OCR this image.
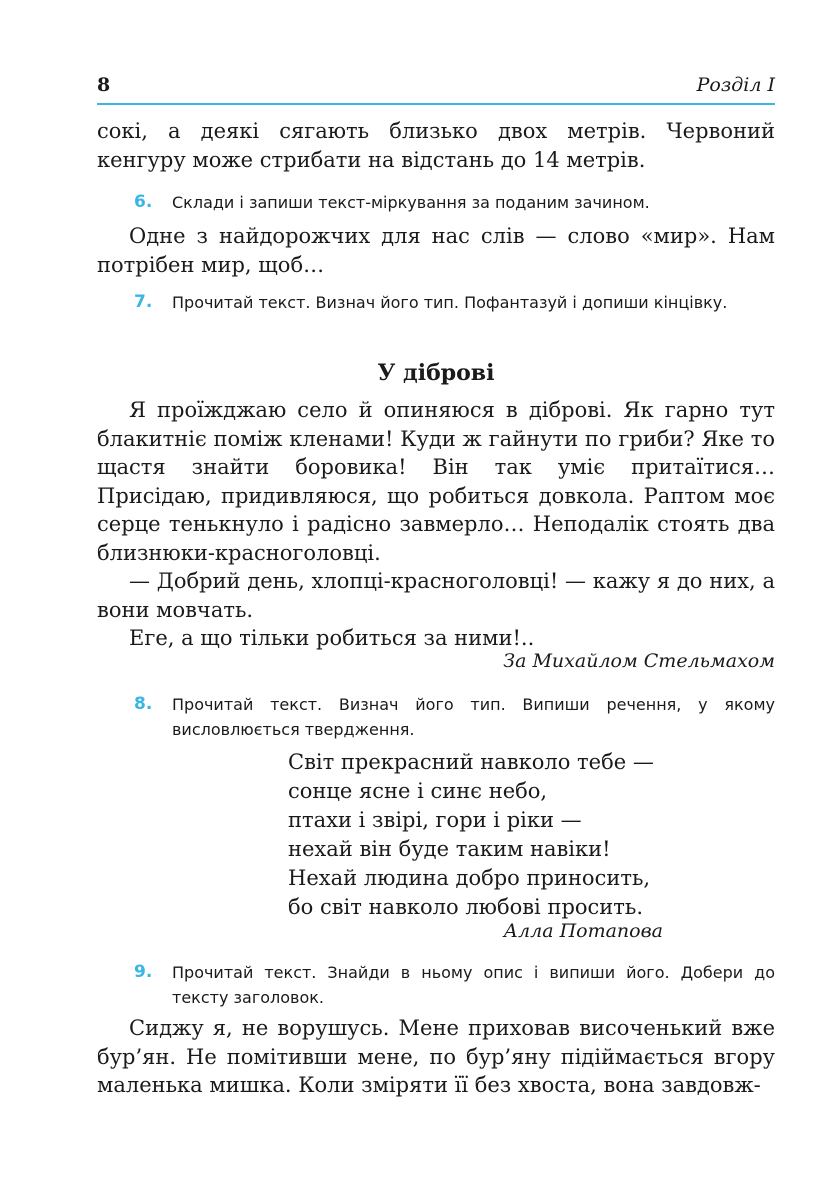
8	Розділ I

cокі, а деякі сягають близько двох метрів. Червоний кенгуру може стрибати на відстань до 14 метрів.

6.	Склади і запиши текст-міркування за поданим зачином.

Одне з найдорожчих для нас слів — слово «мир». Нам потрібен мир, щоб…

7.	Прочитай текст. Визнач його тип. Пофантазуй і допиши кінцівку.
У діброві

Я проїжджаю село й опиняюся в діброві. Як гарно тут блакитніє поміж кленами! Куди ж гайнути по гриби? Яке то щастя знайти боровика! Він так уміє притаїтися… Присідаю, придивляюся, що робиться довкола. Раптом моє серце тенькнуло і радісно завмерло… Неподалік стоять два близнюки-красноголовці.

— Добрий день, хлопці-красноголовці! — кажу я до них, а вони мовчать.

Еге, а що тільки робиться за ними!..

За Михайлом Стельмахом
8.	Прочитай текст. Визнач його тип. Випиши речення, у якому висловлюється твердження.
Світ прекрасний навколо тебе —
сонце ясне і синє небо,
птахи і звірі, гори і ріки —
нехай він буде таким навіки!
Нехай людина добро приносить,
бо світ навколо любові просить.
Алла Потапова
9.	Прочитай текст. Знайди в ньому опис і випиши його. Добери до тексту заголовок.

Сиджу я, не ворушусь. Мене приховав височенький вже бур’ян. Не помітивши мене, по бур’яну підіймається вгору маленька мишка. Коли зміряти її без хвоста, вона завдовж-
